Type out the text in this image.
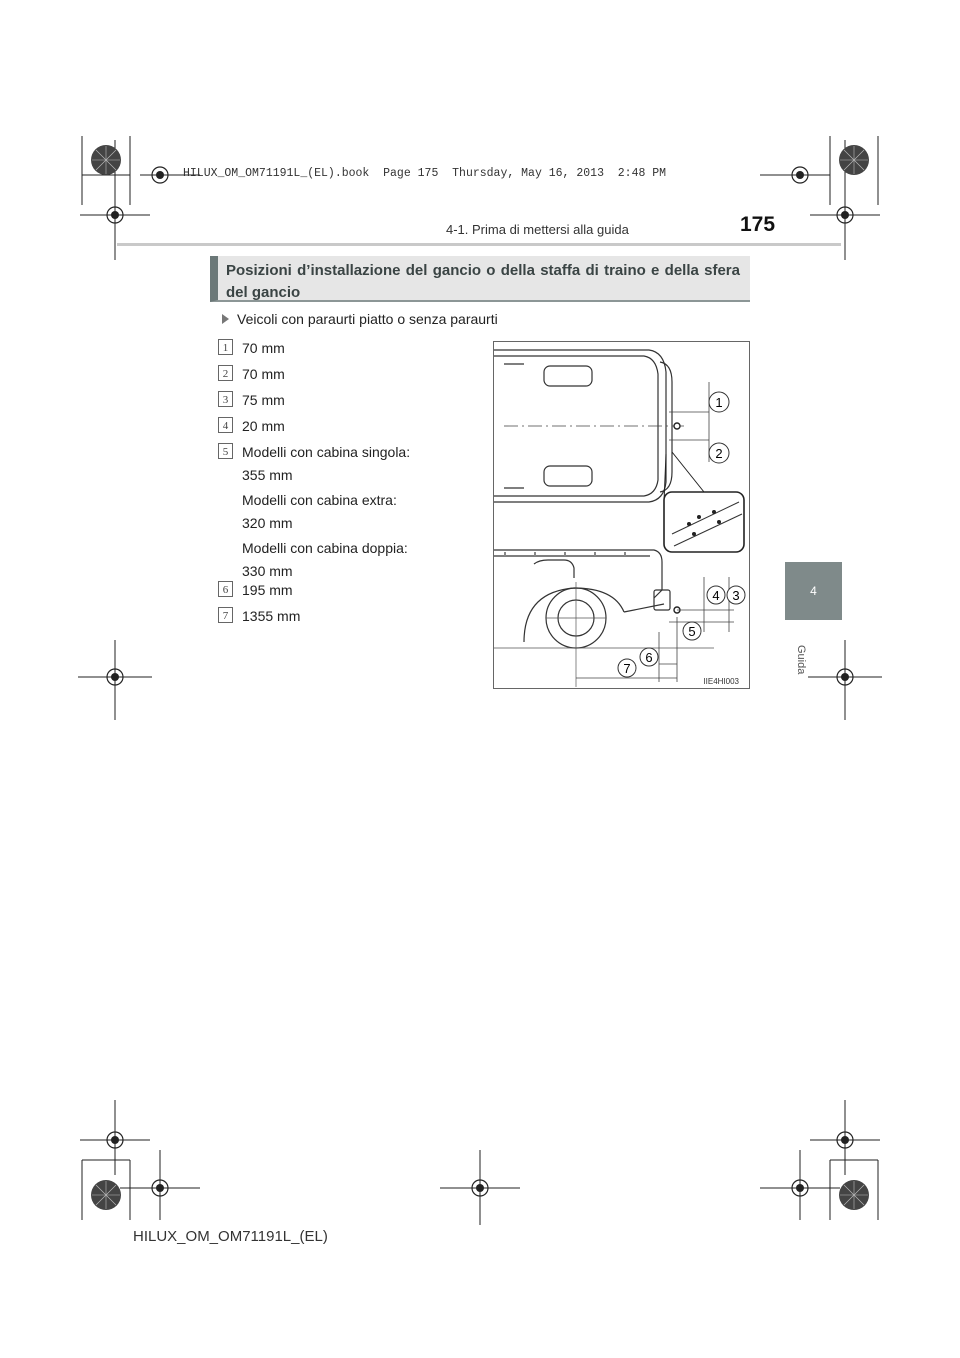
HILUX_OM_OM71191L_(EL).book  Page 175  Thursday, May 16, 2013  2:48 PM
4-1. Prima di mettersi alla guida	175
4
Guida
Posizioni d’installazione del gancio o della staffa di traino e della sfera del gancio
Veicoli con paraurti piatto o senza paraurti
1 70 mm
2 70 mm
3 75 mm
4 20 mm
5 Modelli con cabina singola:
355 mm
Modelli con cabina extra:
320 mm
Modelli con cabina doppia:
330 mm
6 195 mm
7 1355 mm
1
2
4 3
5
6
7
IIE4HI003
HILUX_OM_OM71191L_(EL)
